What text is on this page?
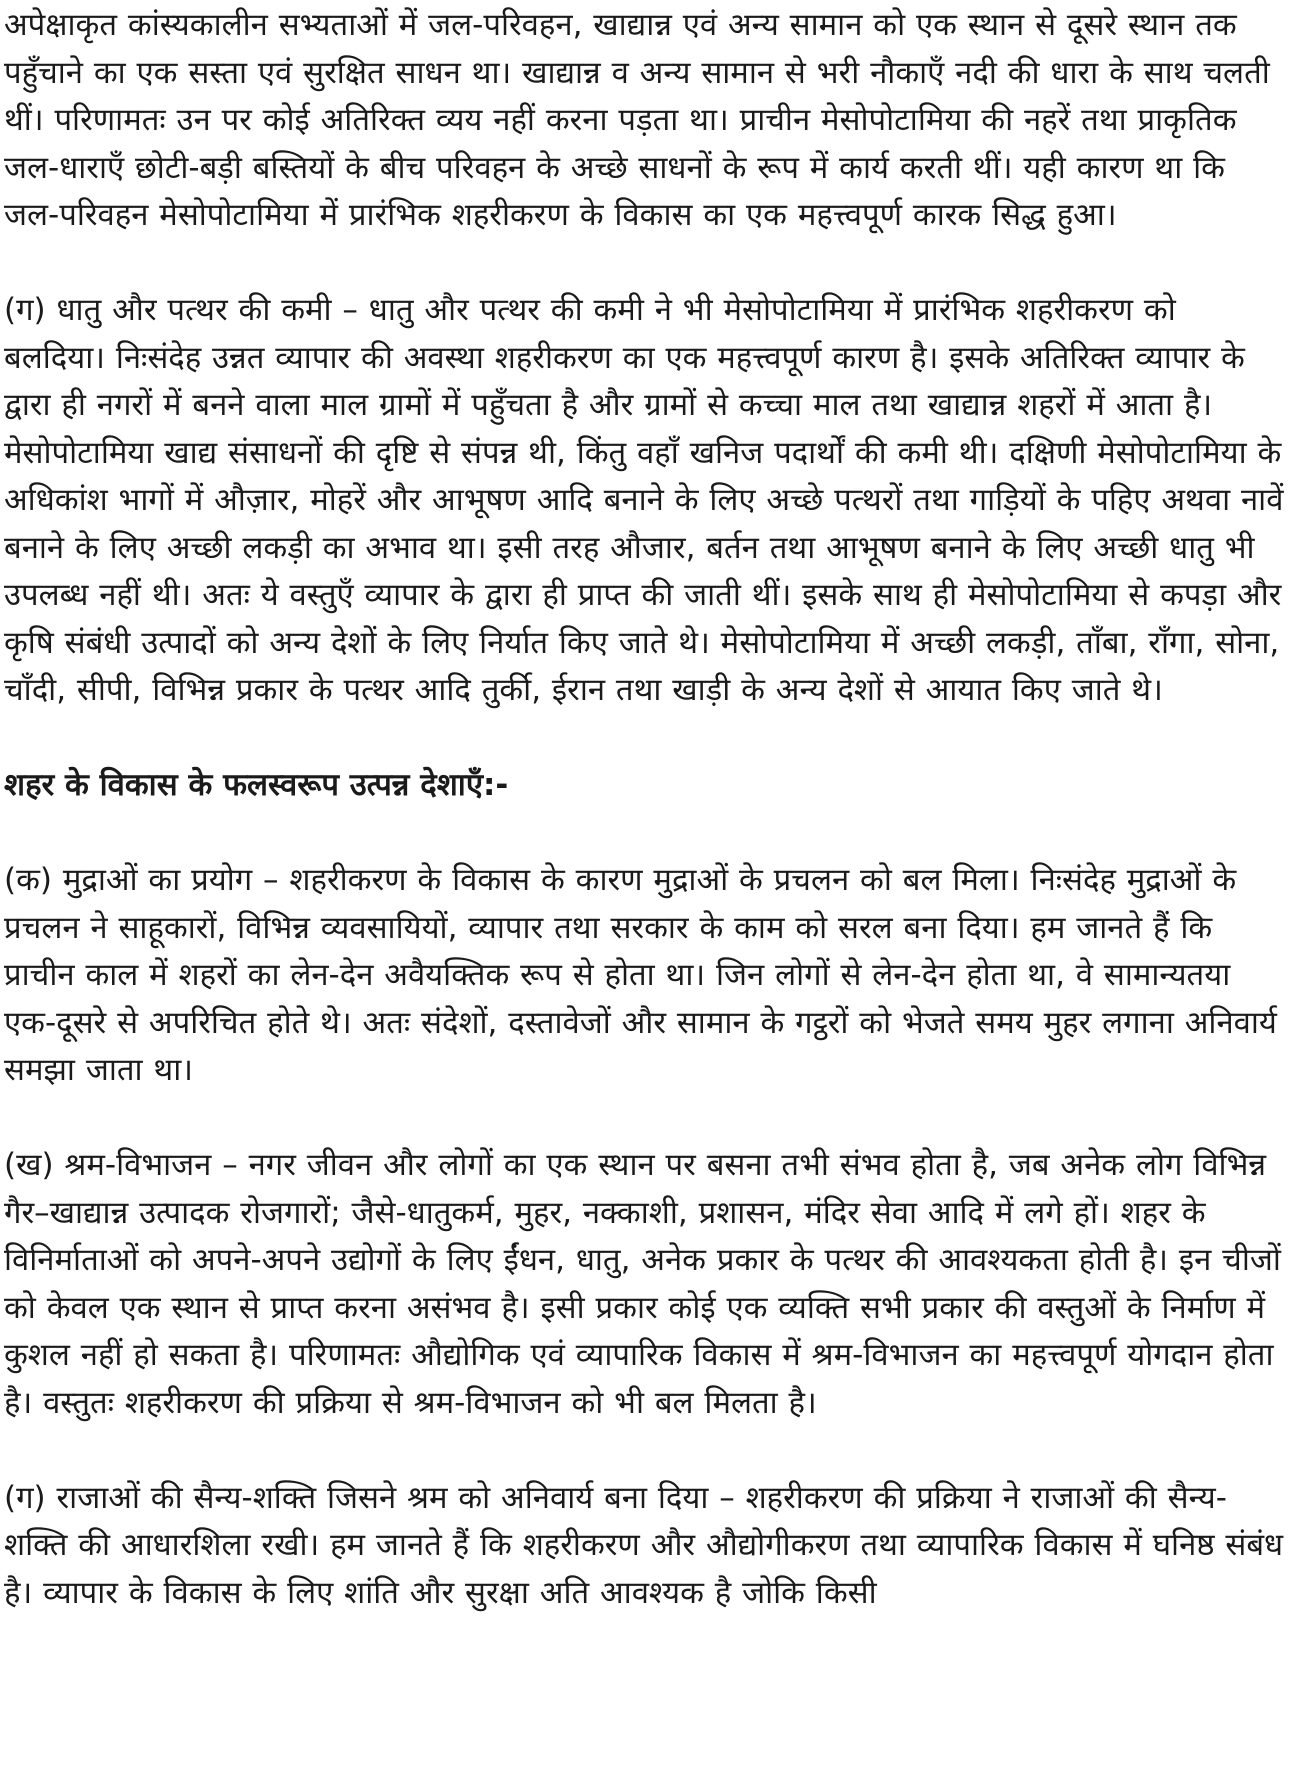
अपेक्षाकृत कांस्यकालीन सभ्यताओं में जल-परिवहन, खाद्यान्न एवं अन्य सामान को एक स्थान से दूसरे स्थान तक पहुँचाने का एक सस्ता एवं सुरक्षित साधन था। खाद्यान्न व अन्य सामान से भरी नौकाएँ नदी की धारा के साथ चलती थीं। परिणामतः उन पर कोई अतिरिक्त व्यय नहीं करना पड़ता था। प्राचीन मेसोपोटामिया की नहरें तथा प्राकृतिक जल-धाराएँ छोटी-बड़ी बस्तियों के बीच परिवहन के अच्छे साधनों के रूप में कार्य करती थीं। यही कारण था कि जल-परिवहन मेसोपोटामिया में प्रारंभिक शहरीकरण के विकास का एक महत्त्वपूर्ण कारक सिद्ध हुआ।

(ग) धातु और पत्थर की कमी – धातु और पत्थर की कमी ने भी मेसोपोटामिया में प्रारंभिक शहरीकरण को बलदिया। निःसंदेह उन्नत व्यापार की अवस्था शहरीकरण का एक महत्त्वपूर्ण कारण है। इसके अतिरिक्त व्यापार के द्वारा ही नगरों में बनने वाला माल ग्रामों में पहुँचता है और ग्रामों से कच्चा माल तथा खाद्यान्न शहरों में आता है। मेसोपोटामिया खाद्य संसाधनों की दृष्टि से संपन्न थी, किंतु वहाँ खनिज पदार्थों की कमी थी। दक्षिणी मेसोपोटामिया के अधिकांश भागों में औज़ार, मोहरें और आभूषण आदि बनाने के लिए अच्छे पत्थरों तथा गाड़ियों के पहिए अथवा नावें बनाने के लिए अच्छी लकड़ी का अभाव था। इसी तरह औजार, बर्तन तथा आभूषण बनाने के लिए अच्छी धातु भी उपलब्ध नहीं थी। अतः ये वस्तुएँ व्यापार के द्वारा ही प्राप्त की जाती थीं। इसके साथ ही मेसोपोटामिया से कपड़ा और कृषि संबंधी उत्पादों को अन्य देशों के लिए निर्यात किए जाते थे। मेसोपोटामिया में अच्छी लकड़ी, ताँबा, राँगा, सोना, चाँदी, सीपी, विभिन्न प्रकार के पत्थर आदि तुर्की, ईरान तथा खाड़ी के अन्य देशों से आयात किए जाते थे।

शहर के विकास के फलस्वरूप उत्पन्न देशाएँ:-

(क) मुद्राओं का प्रयोग – शहरीकरण के विकास के कारण मुद्राओं के प्रचलन को बल मिला। निःसंदेह मुद्राओं के प्रचलन ने साहूकारों, विभिन्न व्यवसायियों, व्यापार तथा सरकार के काम को सरल बना दिया। हम जानते हैं कि प्राचीन काल में शहरों का लेन-देन अवैयक्तिक रूप से होता था। जिन लोगों से लेन-देन होता था, वे सामान्यतया एक-दूसरे से अपरिचित होते थे। अतः संदेशों, दस्तावेजों और सामान के गट्ठरों को भेजते समय मुहर लगाना अनिवार्य समझा जाता था।

(ख) श्रम-विभाजन – नगर जीवन और लोगों का एक स्थान पर बसना तभी संभव होता है, जब अनेक लोग विभिन्न गैर–खाद्यान्न उत्पादक रोजगारों; जैसे-धातुकर्म, मुहर, नक्काशी, प्रशासन, मंदिर सेवा आदि में लगे हों। शहर के विनिर्माताओं को अपने-अपने उद्योगों के लिए ईंधन, धातु, अनेक प्रकार के पत्थर की आवश्यकता होती है। इन चीजों को केवल एक स्थान से प्राप्त करना असंभव है। इसी प्रकार कोई एक व्यक्ति सभी प्रकार की वस्तुओं के निर्माण में कुशल नहीं हो सकता है। परिणामतः औद्योगिक एवं व्यापारिक विकास में श्रम-विभाजन का महत्त्वपूर्ण योगदान होता है। वस्तुतः शहरीकरण की प्रक्रिया से श्रम-विभाजन को भी बल मिलता है।

(ग) राजाओं की सैन्य-शक्ति जिसने श्रम को अनिवार्य बना दिया – शहरीकरण की प्रक्रिया ने राजाओं की सैन्य-शक्ति की आधारशिला रखी। हम जानते हैं कि शहरीकरण और औद्योगीकरण तथा व्यापारिक विकास में घनिष्ठ संबंध है। व्यापार के विकास के लिए शांति और सुरक्षा अति आवश्यक है जोकि किसी
